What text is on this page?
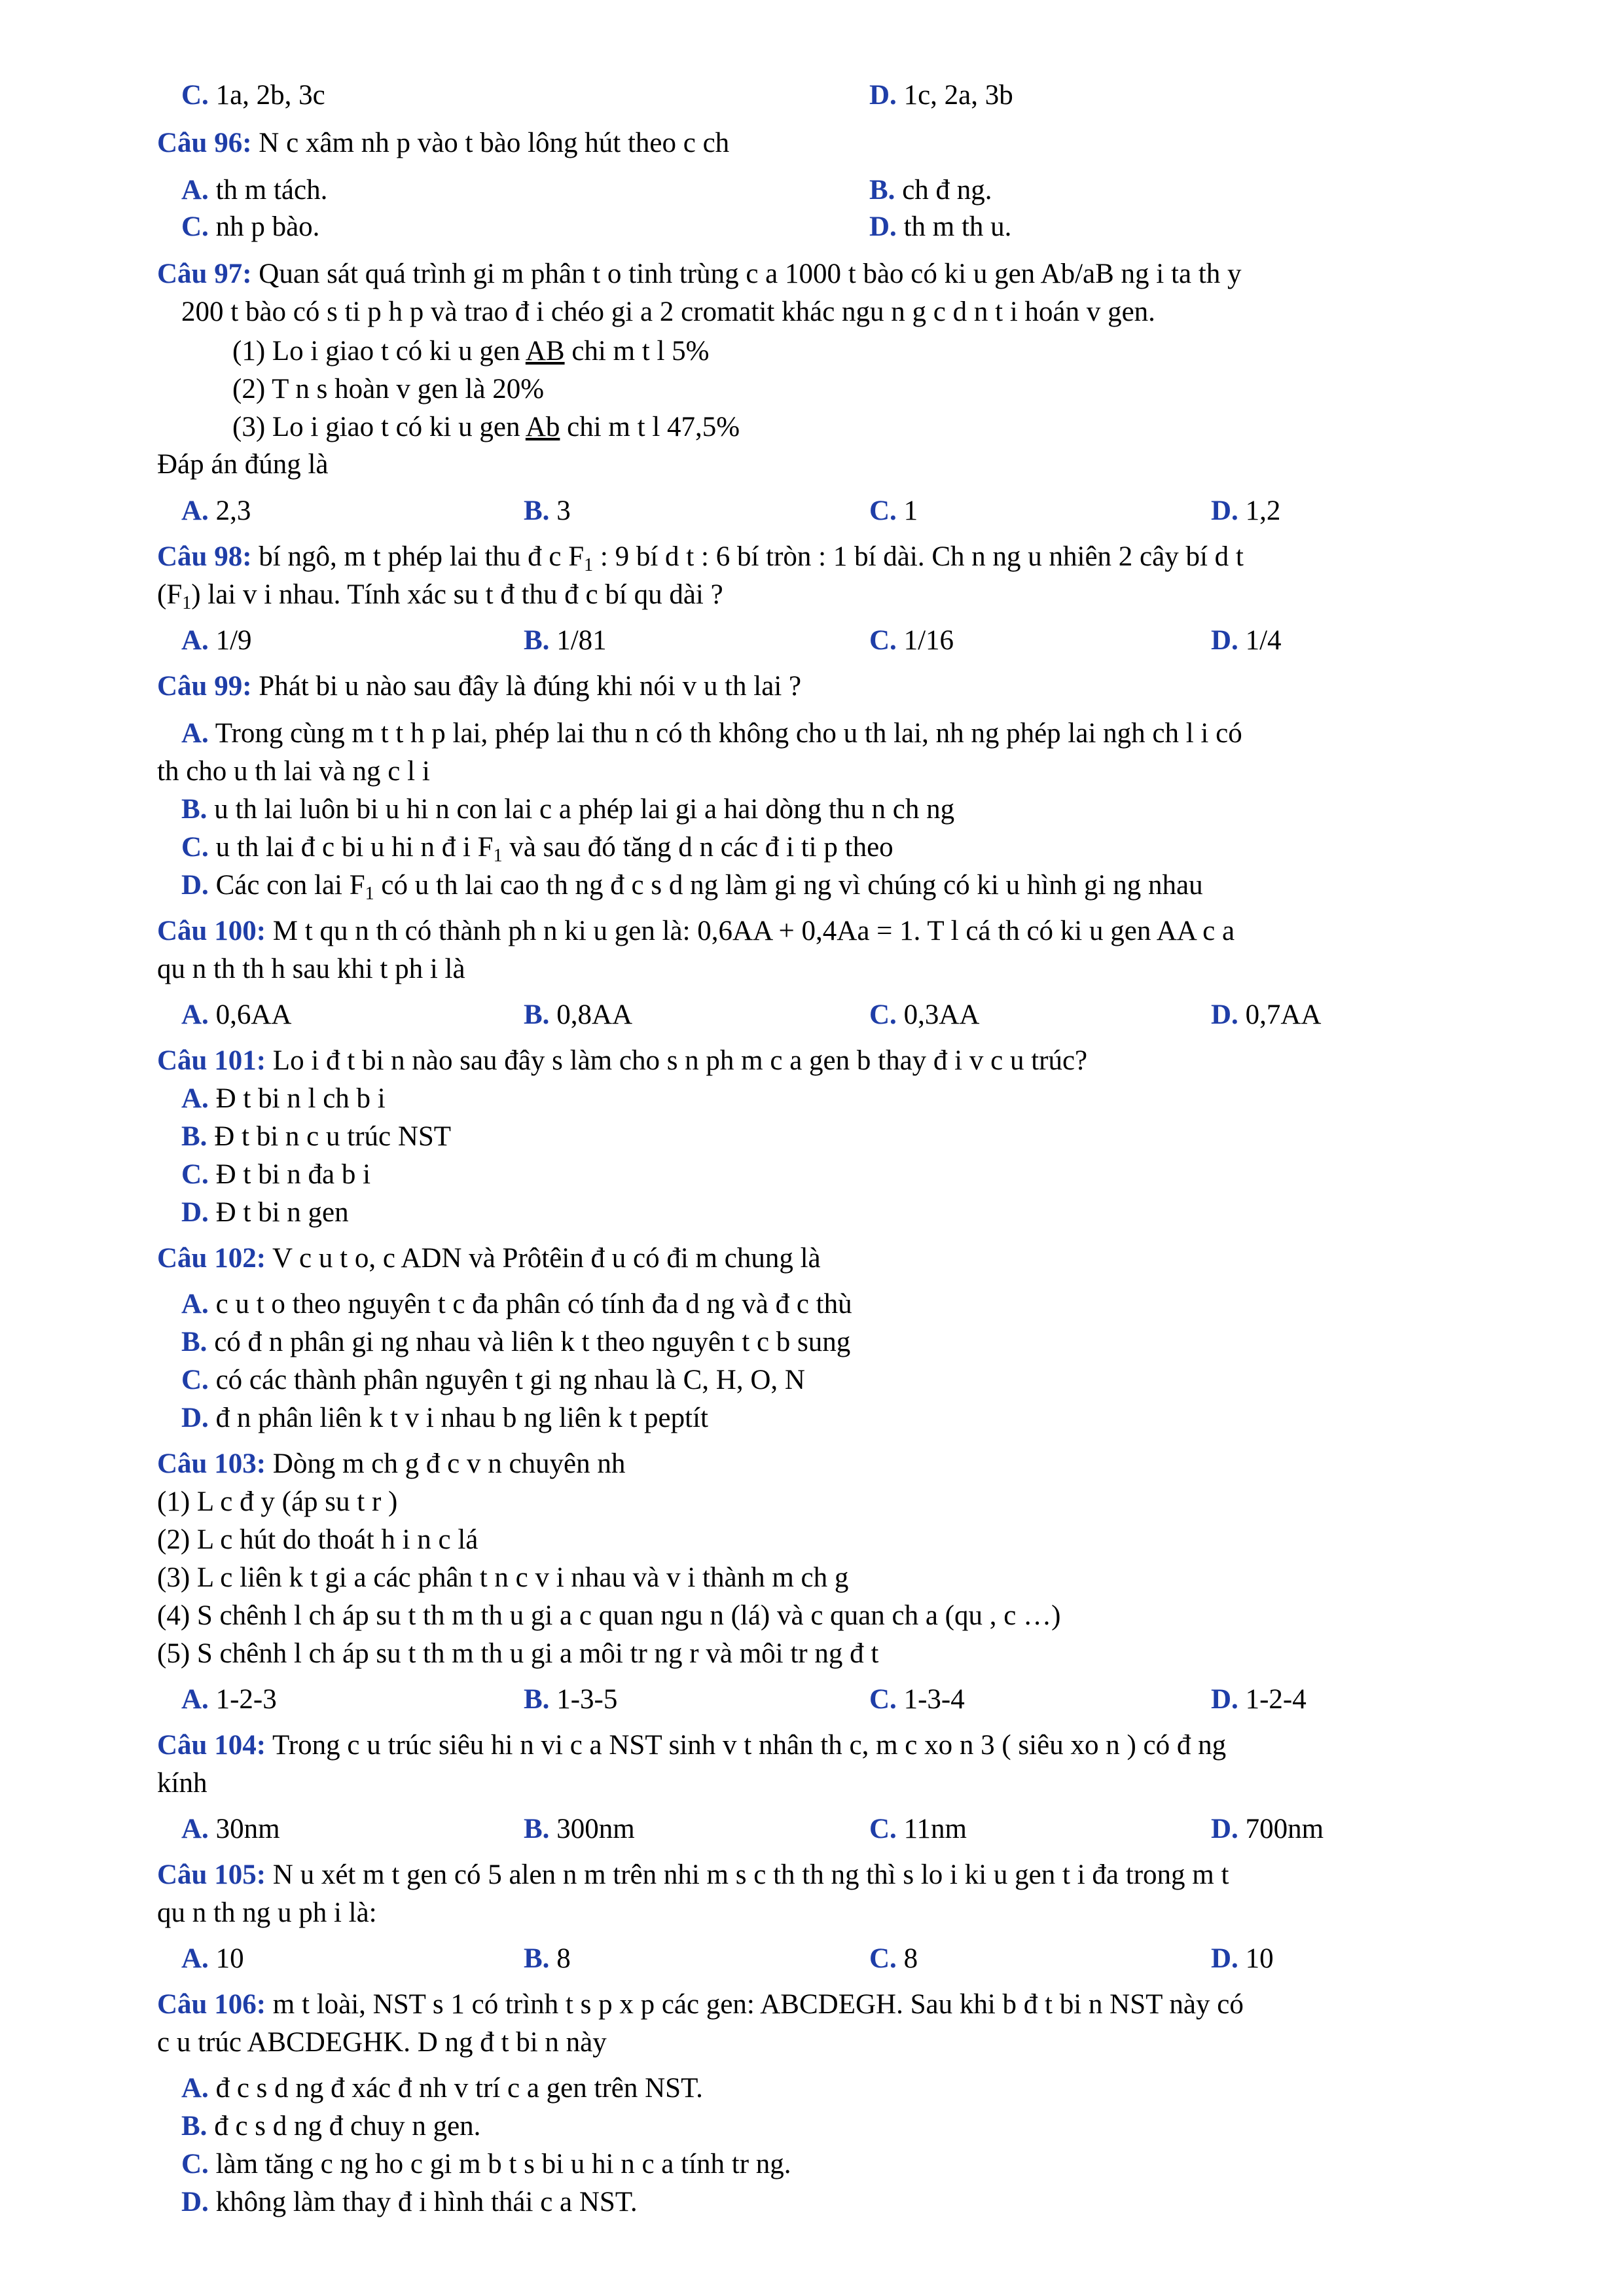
C. 1a, 2b, 3c	D. 1c, 2a, 3b
Câu 96: N c xâm nh p vào t bào lông hút theo c ch
A. th m tách.	B. ch đ ng.
C. nh p bào.	D. th m th u.
Câu 97: Quan sát quá trình gi m phân t o tinh trùng c a 1000 t bào có ki u gen Ab/aB ng i ta th y
200 t bào có s ti p h p và trao đ i chéo gi a 2 cromatit khác ngu n g c d n t i hoán v gen.
(1) Lo i giao t có ki u gen AB chi m t l 5%
(2) T n s hoàn v gen là 20%
(3) Lo i giao t có ki u gen Ab chi m t l 47,5%
Đáp án đúng là
A. 2,3	B. 3	C. 1	D. 1,2
Câu 98: bí ngô, m t phép lai thu đ c $F_1$ : 9 bí d t : 6 bí tròn : 1 bí dài. Ch n ng u nhiên 2 cây bí d t
$(F_1)$ lai v i nhau. Tính xác su t đ thu đ c bí qu dài ?
A. 1/9	B. 1/81	C. 1/16	D. 1/4
Câu 99: Phát bi u nào sau đây là đúng khi nói v u th lai ?
A. Trong cùng m t t h p lai, phép lai thu n có th không cho u th lai, nh ng phép lai ngh ch l i có
th cho u th lai và ng c l i
B. u th lai luôn bi u hi n con lai c a phép lai gi a hai dòng thu n ch ng
C. u th lai đ c bi u hi n đ i $F_1$ và sau đó tăng d n các đ i ti p theo
D. Các con lai $F_1$ có u th lai cao th ng đ c s d ng làm gi ng vì chúng có ki u hình gi ng nhau
Câu 100: M t qu n th có thành ph n ki u gen là: 0,6AA + 0,4Aa = 1. T l cá th có ki u gen AA c a
qu n th th h sau khi t ph i là
A. 0,6AA	B. 0,8AA	C. 0,3AA	D. 0,7AA
Câu 101: Lo i đ t bi n nào sau đây s làm cho s n ph m c a gen b thay đ i v c u trúc?
A. Đ t bi n l ch b i
B. Đ t bi n c u trúc NST
C. Đ t bi n đa b i
D. Đ t bi n gen
Câu 102: V c u t o, c ADN và Prôtêin đ u có đi m chung là
A. c u t o theo nguyên t c đa phân có tính đa d ng và đ c thù
B. có đ n phân gi ng nhau và liên k t theo nguyên t c b sung
C. có các thành phân nguyên t gi ng nhau là C, H, O, N
D. đ n phân liên k t v i nhau b ng liên k t peptít
Câu 103: Dòng m ch g đ c v n chuyên nh
(1) L c đ y (áp su t r )
(2) L c hút do thoát h i n c lá
(3) L c liên k t gi a các phân t n c v i nhau và v i thành m ch g
(4) S chênh l ch áp su t th m th u gi a c quan ngu n (lá) và c quan ch a (qu , c …)
(5) S chênh l ch áp su t th m th u gi a môi tr ng r và môi tr ng đ t
A. 1-2-3	B. 1-3-5	C. 1-3-4	D. 1-2-4
Câu 104: Trong c u trúc siêu hi n vi c a NST sinh v t nhân th c, m c xo n 3 ( siêu xo n ) có đ ng
kính
A. 30nm	B. 300nm	C. 11nm	D. 700nm
Câu 105: N u xét m t gen có 5 alen n m trên nhi m s c th th ng thì s lo i ki u gen t i đa trong m t
qu n th ng u ph i là:
A. 10	B. 8	C. 8	D. 10
Câu 106: m t loài, NST s 1 có trình t s p x p các gen: ABCDEGH. Sau khi b đ t bi n NST này có
c u trúc ABCDEGHK. D ng đ t bi n này
A. đ c s d ng đ xác đ nh v trí c a gen trên NST.
B. đ c s d ng đ chuy n gen.
C. làm tăng c ng ho c gi m b t s bi u hi n c a tính tr ng.
D. không làm thay đ i hình thái c a NST.
